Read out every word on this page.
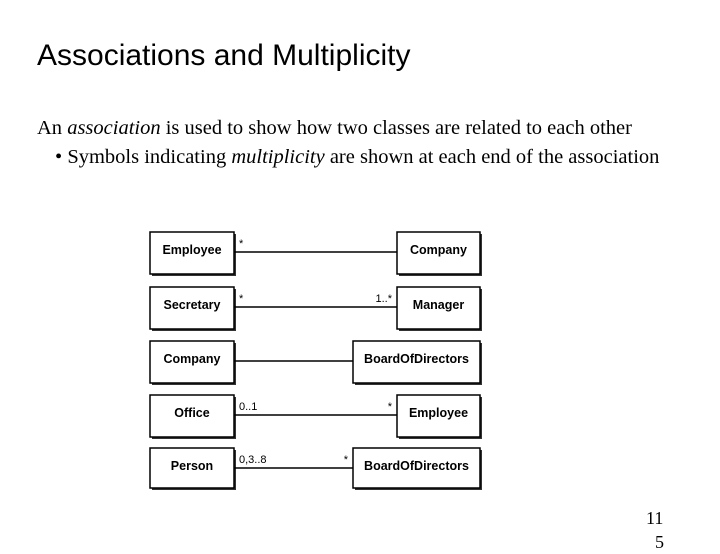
Associations and Multiplicity

An association is used to show how two classes are related to each other

• Symbols indicating multiplicity are shown at each end of the association

Employee	Company
*
Secretary	Manager
*	1..*
Company	BoardOfDirectors
Office	Employee
0..1	*
Person	BoardOfDirectors
0,3..8	*
11
5
